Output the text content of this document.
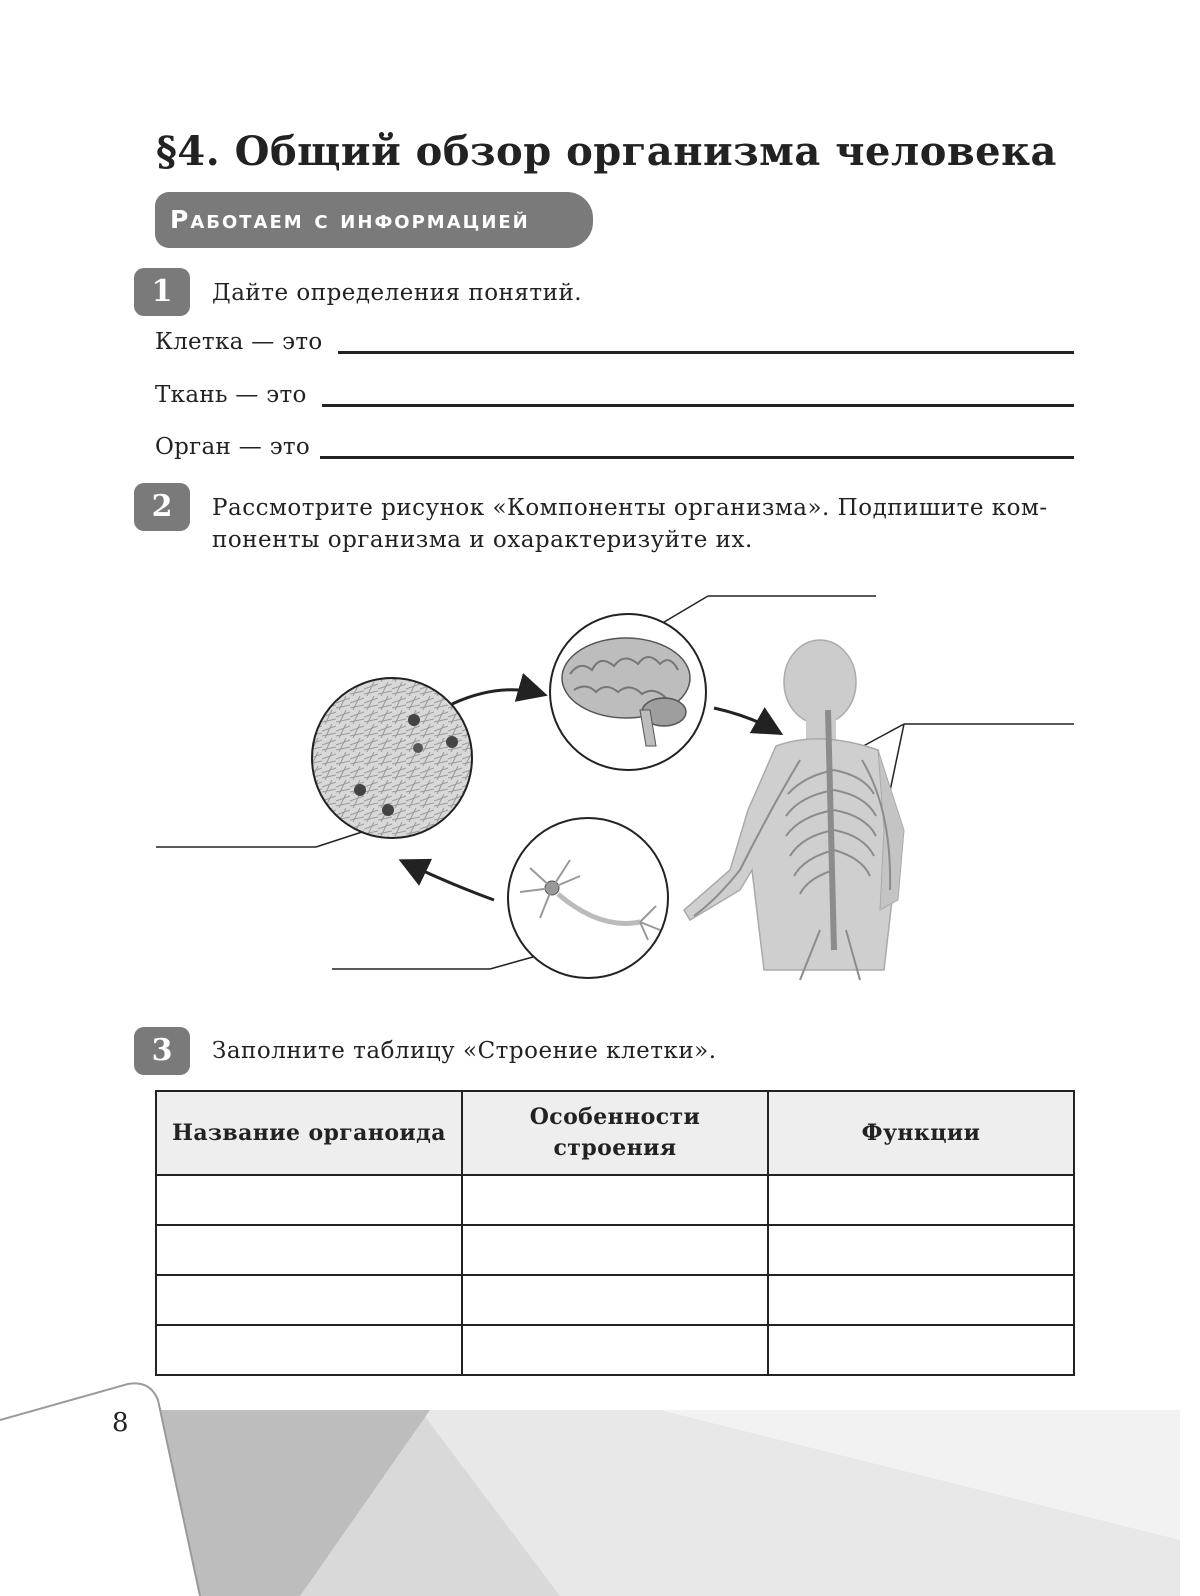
§4. Общий обзор организма человека
Работаем с информацией
1	Дайте определения понятий.
Клетка — это
Ткань — это
Орган — это
2	Рассмотрите рисунок «Компоненты организма». Подпишите ком-
поненты организма и охарактеризуйте их.
3	Заполните таблицу «Строение клетки».
Название органоида	Особенности строения	Функции

8
